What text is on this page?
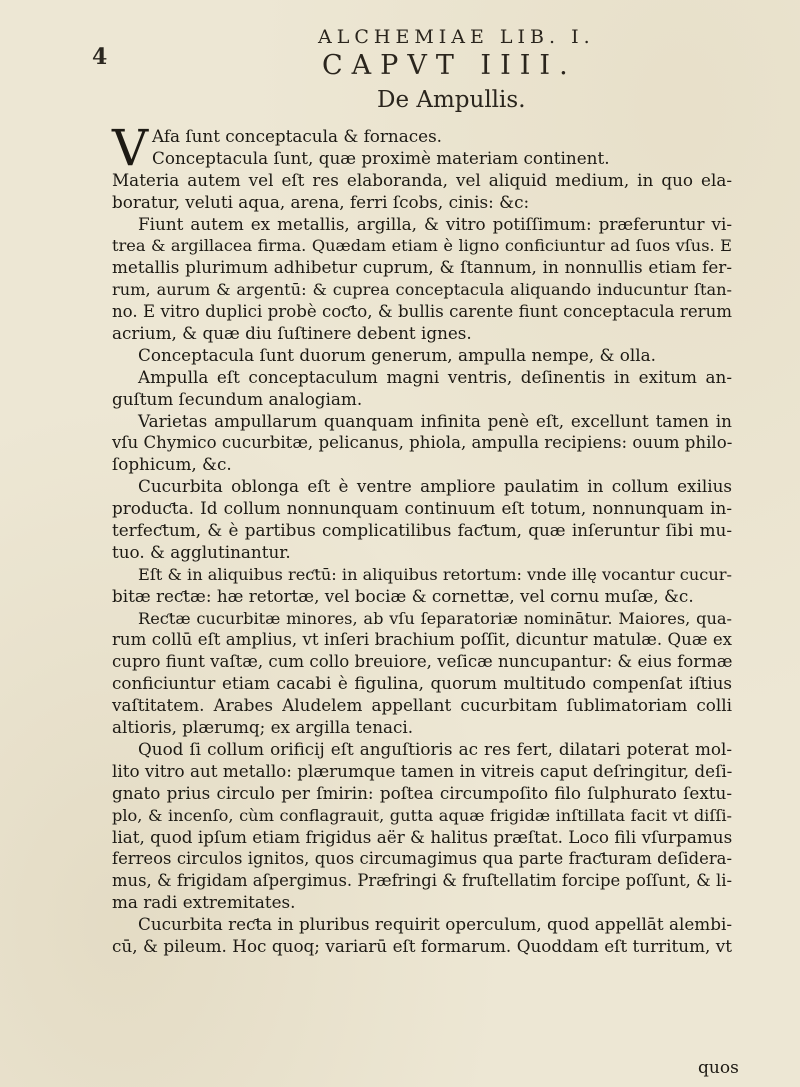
4
ALCHEMIAE LIB. I.
CAPVT IIII.
De Ampullis.
V Afa ſunt conceptacula & fornaces.
Conceptacula ſunt, quæ proximè materiam continent.
Materia autem vel eſt res elaboranda, vel aliquid medium, in quo ela-
boratur, veluti aqua, arena, ferri ſcobs, cinis: &c:
Fiunt autem ex metallis, argilla, & vitro potiſſimum: præferuntur vi-
trea & argillacea firma. Quædam etiam è ligno conficiuntur ad ſuos vſus. E
metallis plurimum adhibetur cuprum, & ſtannum, in nonnullis etiam fer-
rum, aurum & argentū: & cuprea conceptacula aliquando inducuntur ſtan-
no. E vitro duplici probè coƈto, & bullis carente fiunt conceptacula rerum
acrium, & quæ diu ſuſtinere debent ignes.
Conceptacula ſunt duorum generum, ampulla nempe, & olla.
Ampulla eſt conceptaculum magni ventris, deſinentis in exitum an-
guſtum ſecundum analogiam.
Varietas ampullarum quanquam infinita penè eſt, excellunt tamen in
vſu Chymico cucurbitæ, pelicanus, phiola, ampulla recipiens: ouum philo-
ſophicum, &c.
Cucurbita oblonga eſt è ventre ampliore paulatim in collum exilius
produƈta. Id collum nonnunquam continuum eſt totum, nonnunquam in-
terfeƈtum, & è partibus complicatilibus faƈtum, quæ inſeruntur ſibi mu-
tuo. & agglutinantur.
Eſt & in aliquibus reƈtū: in aliquibus retortum: vnde illę vocantur cucur-
bitæ reƈtæ: hæ retortæ, vel bociæ & cornettæ, vel cornu muſæ, &c.
Reƈtæ cucurbitæ minores, ab vſu ſeparatoriæ nominātur. Maiores, qua-
rum collū eſt amplius, vt inſeri brachium poſſit, dicuntur matulæ. Quæ ex
cupro fiunt vaſtæ, cum collo breuiore, veſicæ nuncupantur: & eius formæ
conficiuntur etiam cacabi è figulina, quorum multitudo compenſat iſtius
vaſtitatem. Arabes Aludelem appellant cucurbitam ſublimatoriam colli
altioris, plærumq; ex argilla tenaci.
Quod ſi collum orificij eſt anguſtioris ac res fert, dilatari poterat mol-
lito vitro aut metallo: plærumque tamen in vitreis caput deſringitur, deſi-
gnato prius circulo per ſmirin: poſtea circumpoſito filo ſulphurato ſextu-
plo, & incenſo, cùm conflagrauit, gutta aquæ frigidæ inſtillata facit vt diſſi-
liat, quod ipſum etiam frigidus aër & halitus præſtat. Loco fili vſurpamus
ferreos circulos ignitos, quos circumagimus qua parte fraƈturam deſidera-
mus, & frigidam aſpergimus. Præfringi & fruſtellatim forcipe poſſunt, & li-
ma radi extremitates.
Cucurbita reƈta in pluribus requirit operculum, quod appellāt alembi-
cū, & pileum. Hoc quoq; variarū eſt formarum. Quoddam eſt turritum, vt
quos
